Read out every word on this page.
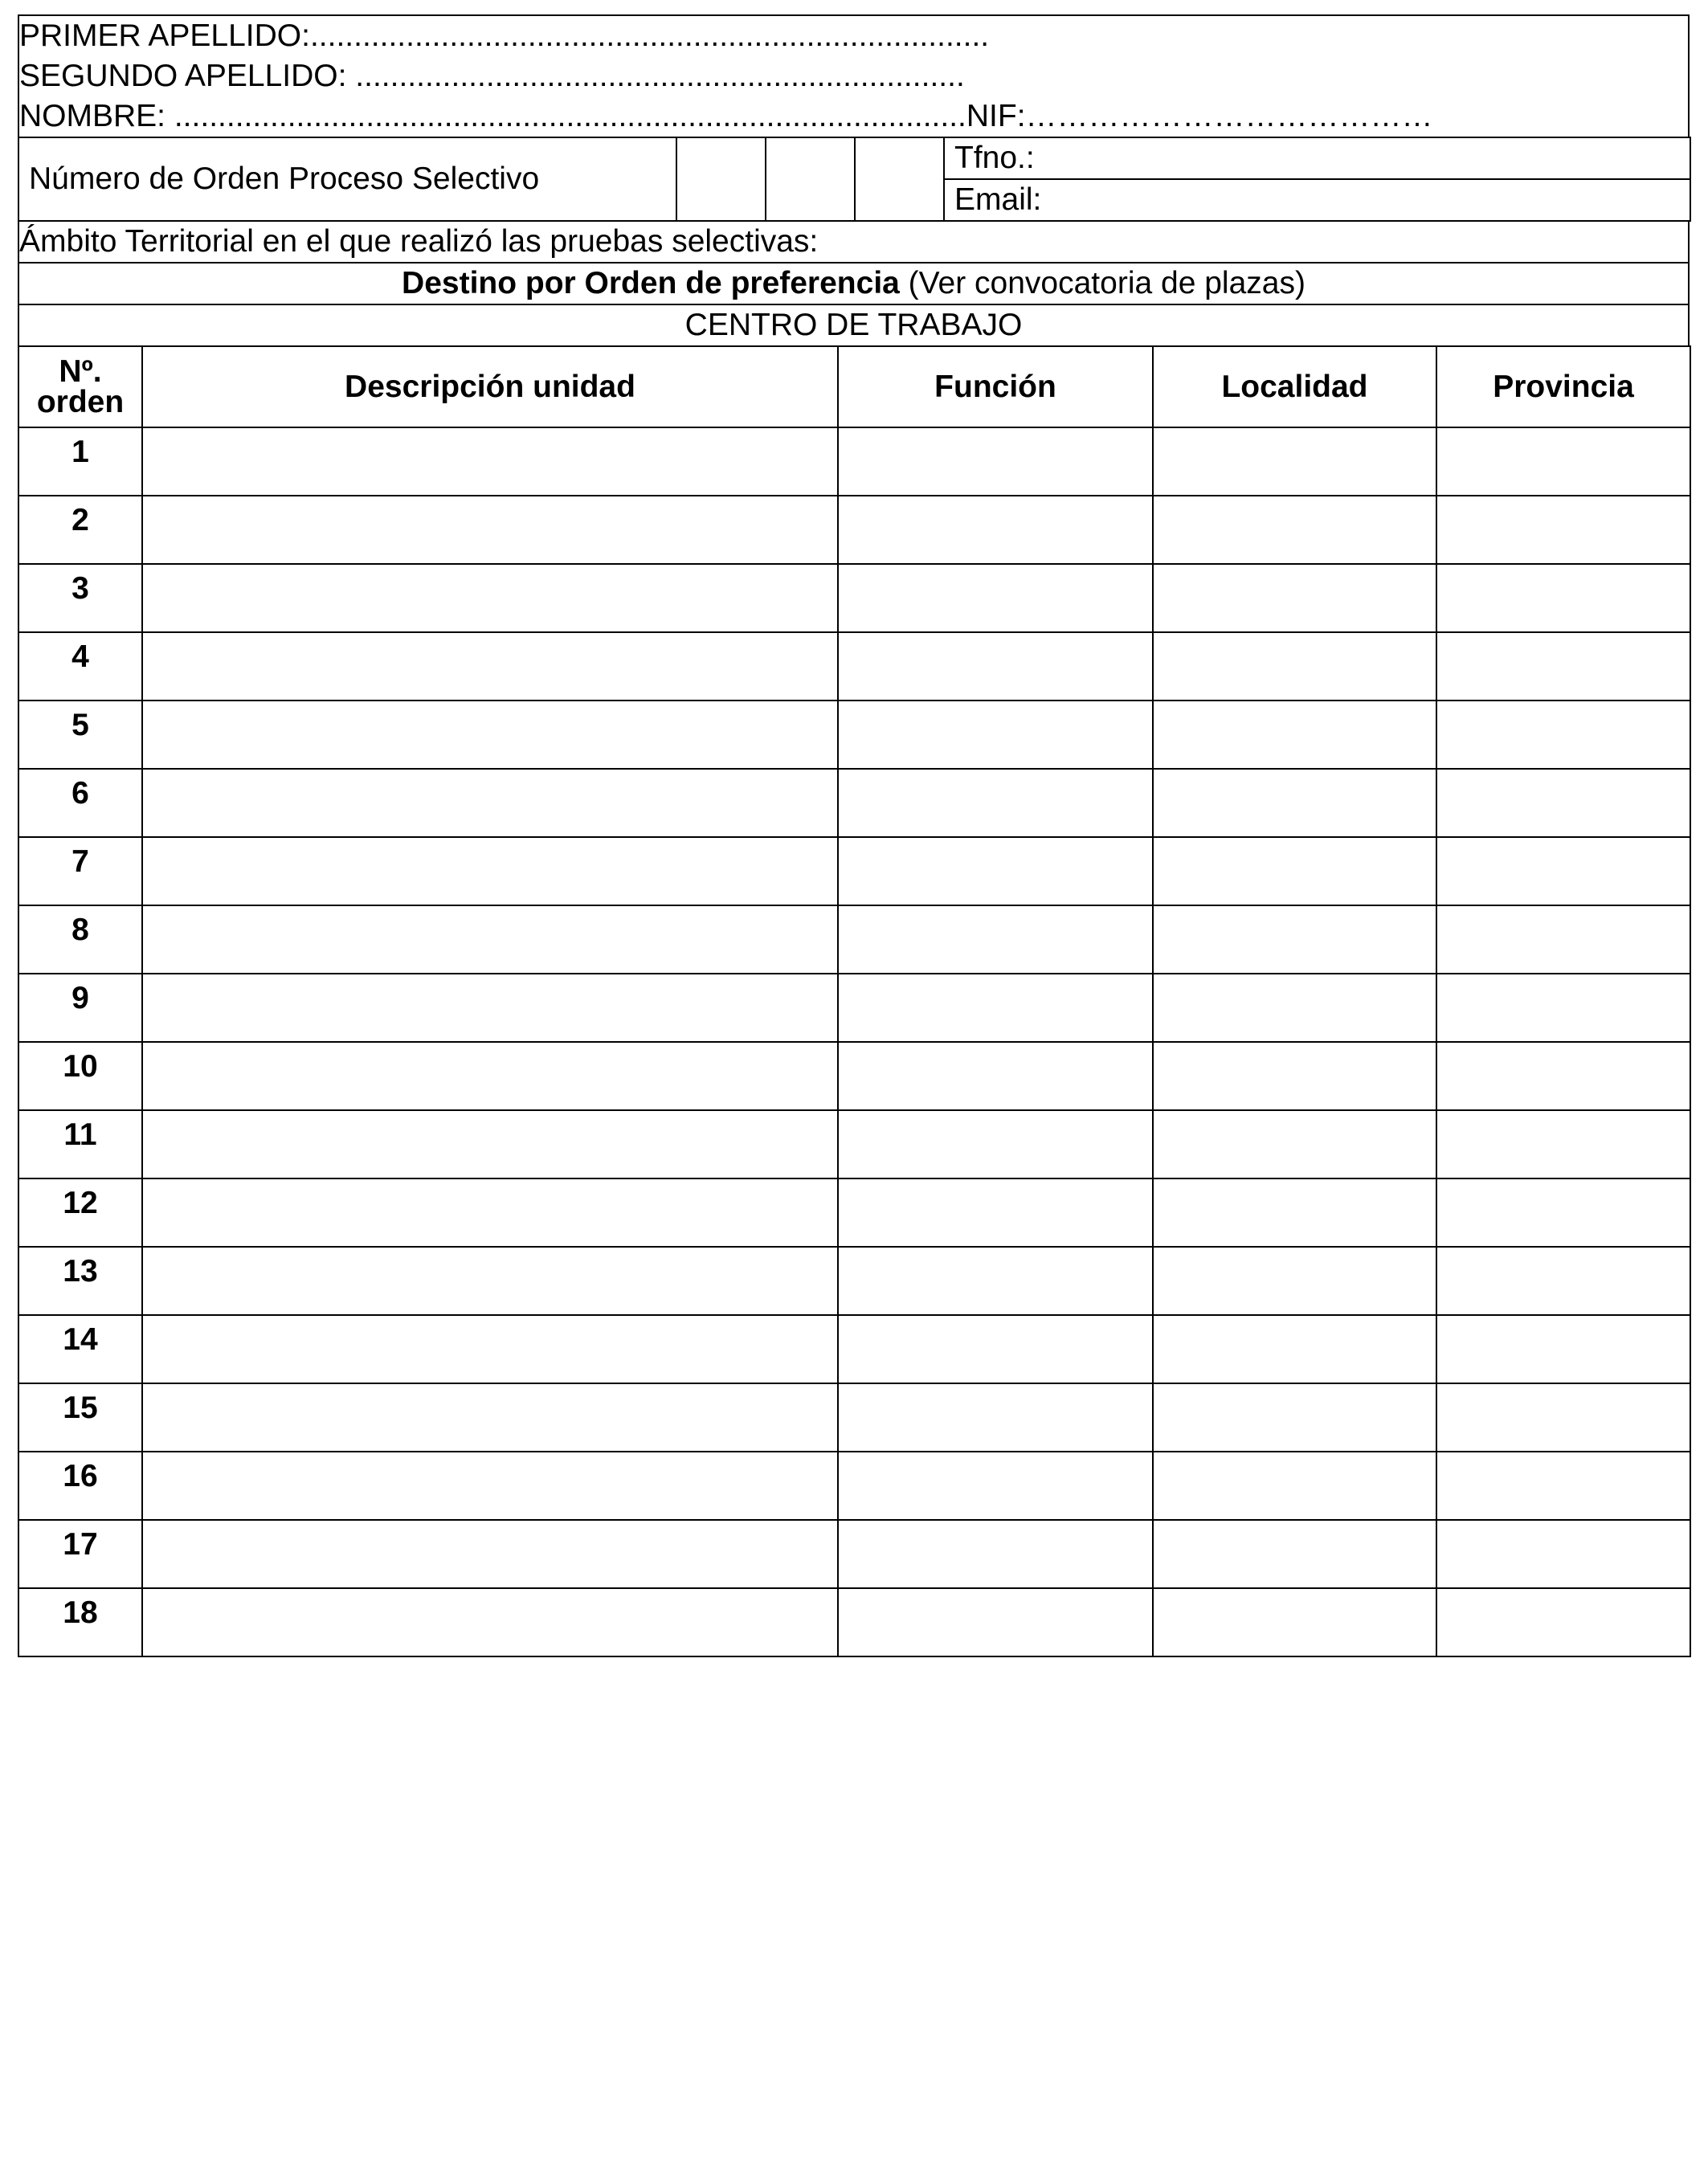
PRIMER APELLIDO:..............................................................................
SEGUNDO APELLIDO: ......................................................................
NOMBRE: ...........................................................................................NIF:…………………………………
Número de Orden Proceso Selectivo				Tfno.:
Email:
Ámbito Territorial en el que realizó las pruebas selectivas:
Destino por Orden de preferencia (Ver convocatoria de plazas)
CENTRO DE TRABAJO
Nº.
orden	Descripción unidad	Función	Localidad	Provincia
1				
2				
3				
4				
5				
6				
7				
8				
9				
10				
11				
12				
13				
14				
15				
16				
17				
18				
